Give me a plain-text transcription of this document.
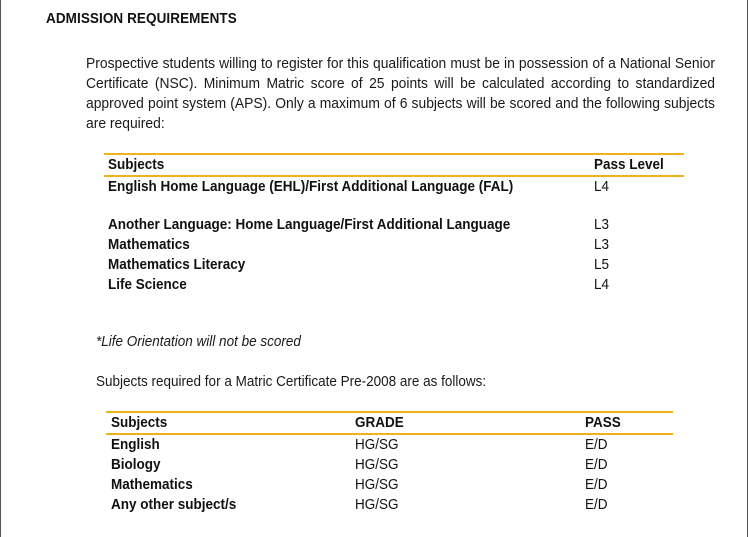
ADMISSION REQUIREMENTS
Prospective students willing to register for this qualification must be in possession of a National Senior Certificate (NSC). Minimum Matric score of 25 points will be calculated according to standardized approved point system (APS). Only a maximum of 6 subjects will be scored and the following subjects are required:
Subjects	Pass Level
English Home Language (EHL)/First Additional Language (FAL)	L4

Another Language: Home Language/First Additional Language	L3
Mathematics	L3
Mathematics Literacy	L5
Life Science	L4
*Life Orientation will not be scored
Subjects required for a Matric Certificate Pre-2008 are as follows:
Subjects	GRADE	PASS
English	HG/SG	E/D
Biology	HG/SG	E/D
Mathematics	HG/SG	E/D
Any other subject/s	HG/SG	E/D
